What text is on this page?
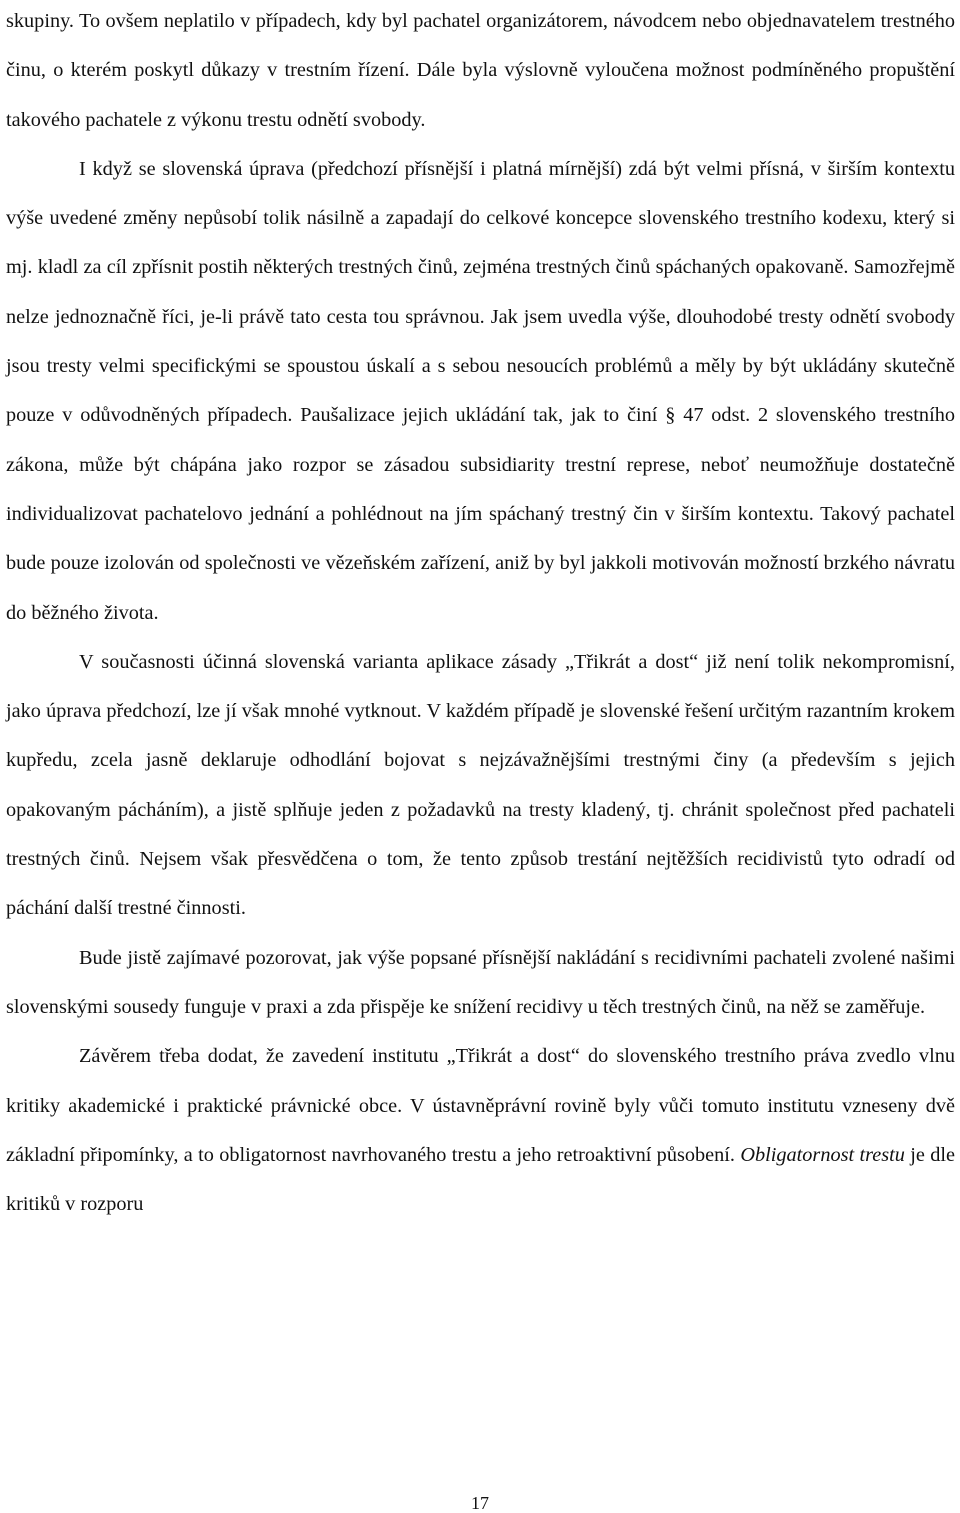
skupiny. To ovšem neplatilo v případech, kdy byl pachatel organizátorem, návodcem nebo objednavatelem trestného činu, o kterém poskytl důkazy v trestním řízení. Dále byla výslovně vyloučena možnost podmíněného propuštění takového pachatele z výkonu trestu odnětí svobody.

I když se slovenská úprava (předchozí přísnější i platná mírnější) zdá být velmi přísná, v širším kontextu výše uvedené změny nepůsobí tolik násilně a zapadají do celkové koncepce slovenského trestního kodexu, který si mj. kladl za cíl zpřísnit postih některých trestných činů, zejména trestných činů spáchaných opakovaně. Samozřejmě nelze jednoznačně říci, je-li právě tato cesta tou správnou. Jak jsem uvedla výše, dlouhodobé tresty odnětí svobody jsou tresty velmi specifickými se spoustou úskalí a s sebou nesoucích problémů a měly by být ukládány skutečně pouze v odůvodněných případech. Paušalizace jejich ukládání tak, jak to činí § 47 odst. 2 slovenského trestního zákona, může být chápána jako rozpor se zásadou subsidiarity trestní represe, neboť neumožňuje dostatečně individualizovat pachatelovo jednání a pohlédnout na jím spáchaný trestný čin v širším kontextu. Takový pachatel bude pouze izolován od společnosti ve vězeňském zařízení, aniž by byl jakkoli motivován možností brzkého návratu do běžného života.

V současnosti účinná slovenská varianta aplikace zásady „Třikrát a dost“ již není tolik nekompromisní, jako úprava předchozí, lze jí však mnohé vytknout. V každém případě je slovenské řešení určitým razantním krokem kupředu, zcela jasně deklaruje odhodlání bojovat s nejzávažnějšími trestnými činy (a především s jejich opakovaným pácháním), a jistě splňuje jeden z požadavků na tresty kladený, tj. chránit společnost před pachateli trestných činů. Nejsem však přesvědčena o tom, že tento způsob trestání nejtěžších recidivistů tyto odradí od páchání další trestné činnosti.

Bude jistě zajímavé pozorovat, jak výše popsané přísnější nakládání s recidivními pachateli zvolené našimi slovenskými sousedy funguje v praxi a zda přispěje ke snížení recidivy u těch trestných činů, na něž se zaměřuje.

Závěrem třeba dodat, že zavedení institutu „Třikrát a dost“ do slovenského trestního práva zvedlo vlnu kritiky akademické i praktické právnické obce. V ústavněprávní rovině byly vůči tomuto institutu vzneseny dvě základní připomínky, a to obligatornost navrhovaného trestu a jeho retroaktivní působení. Obligatornost trestu je dle kritiků v rozporu

17
